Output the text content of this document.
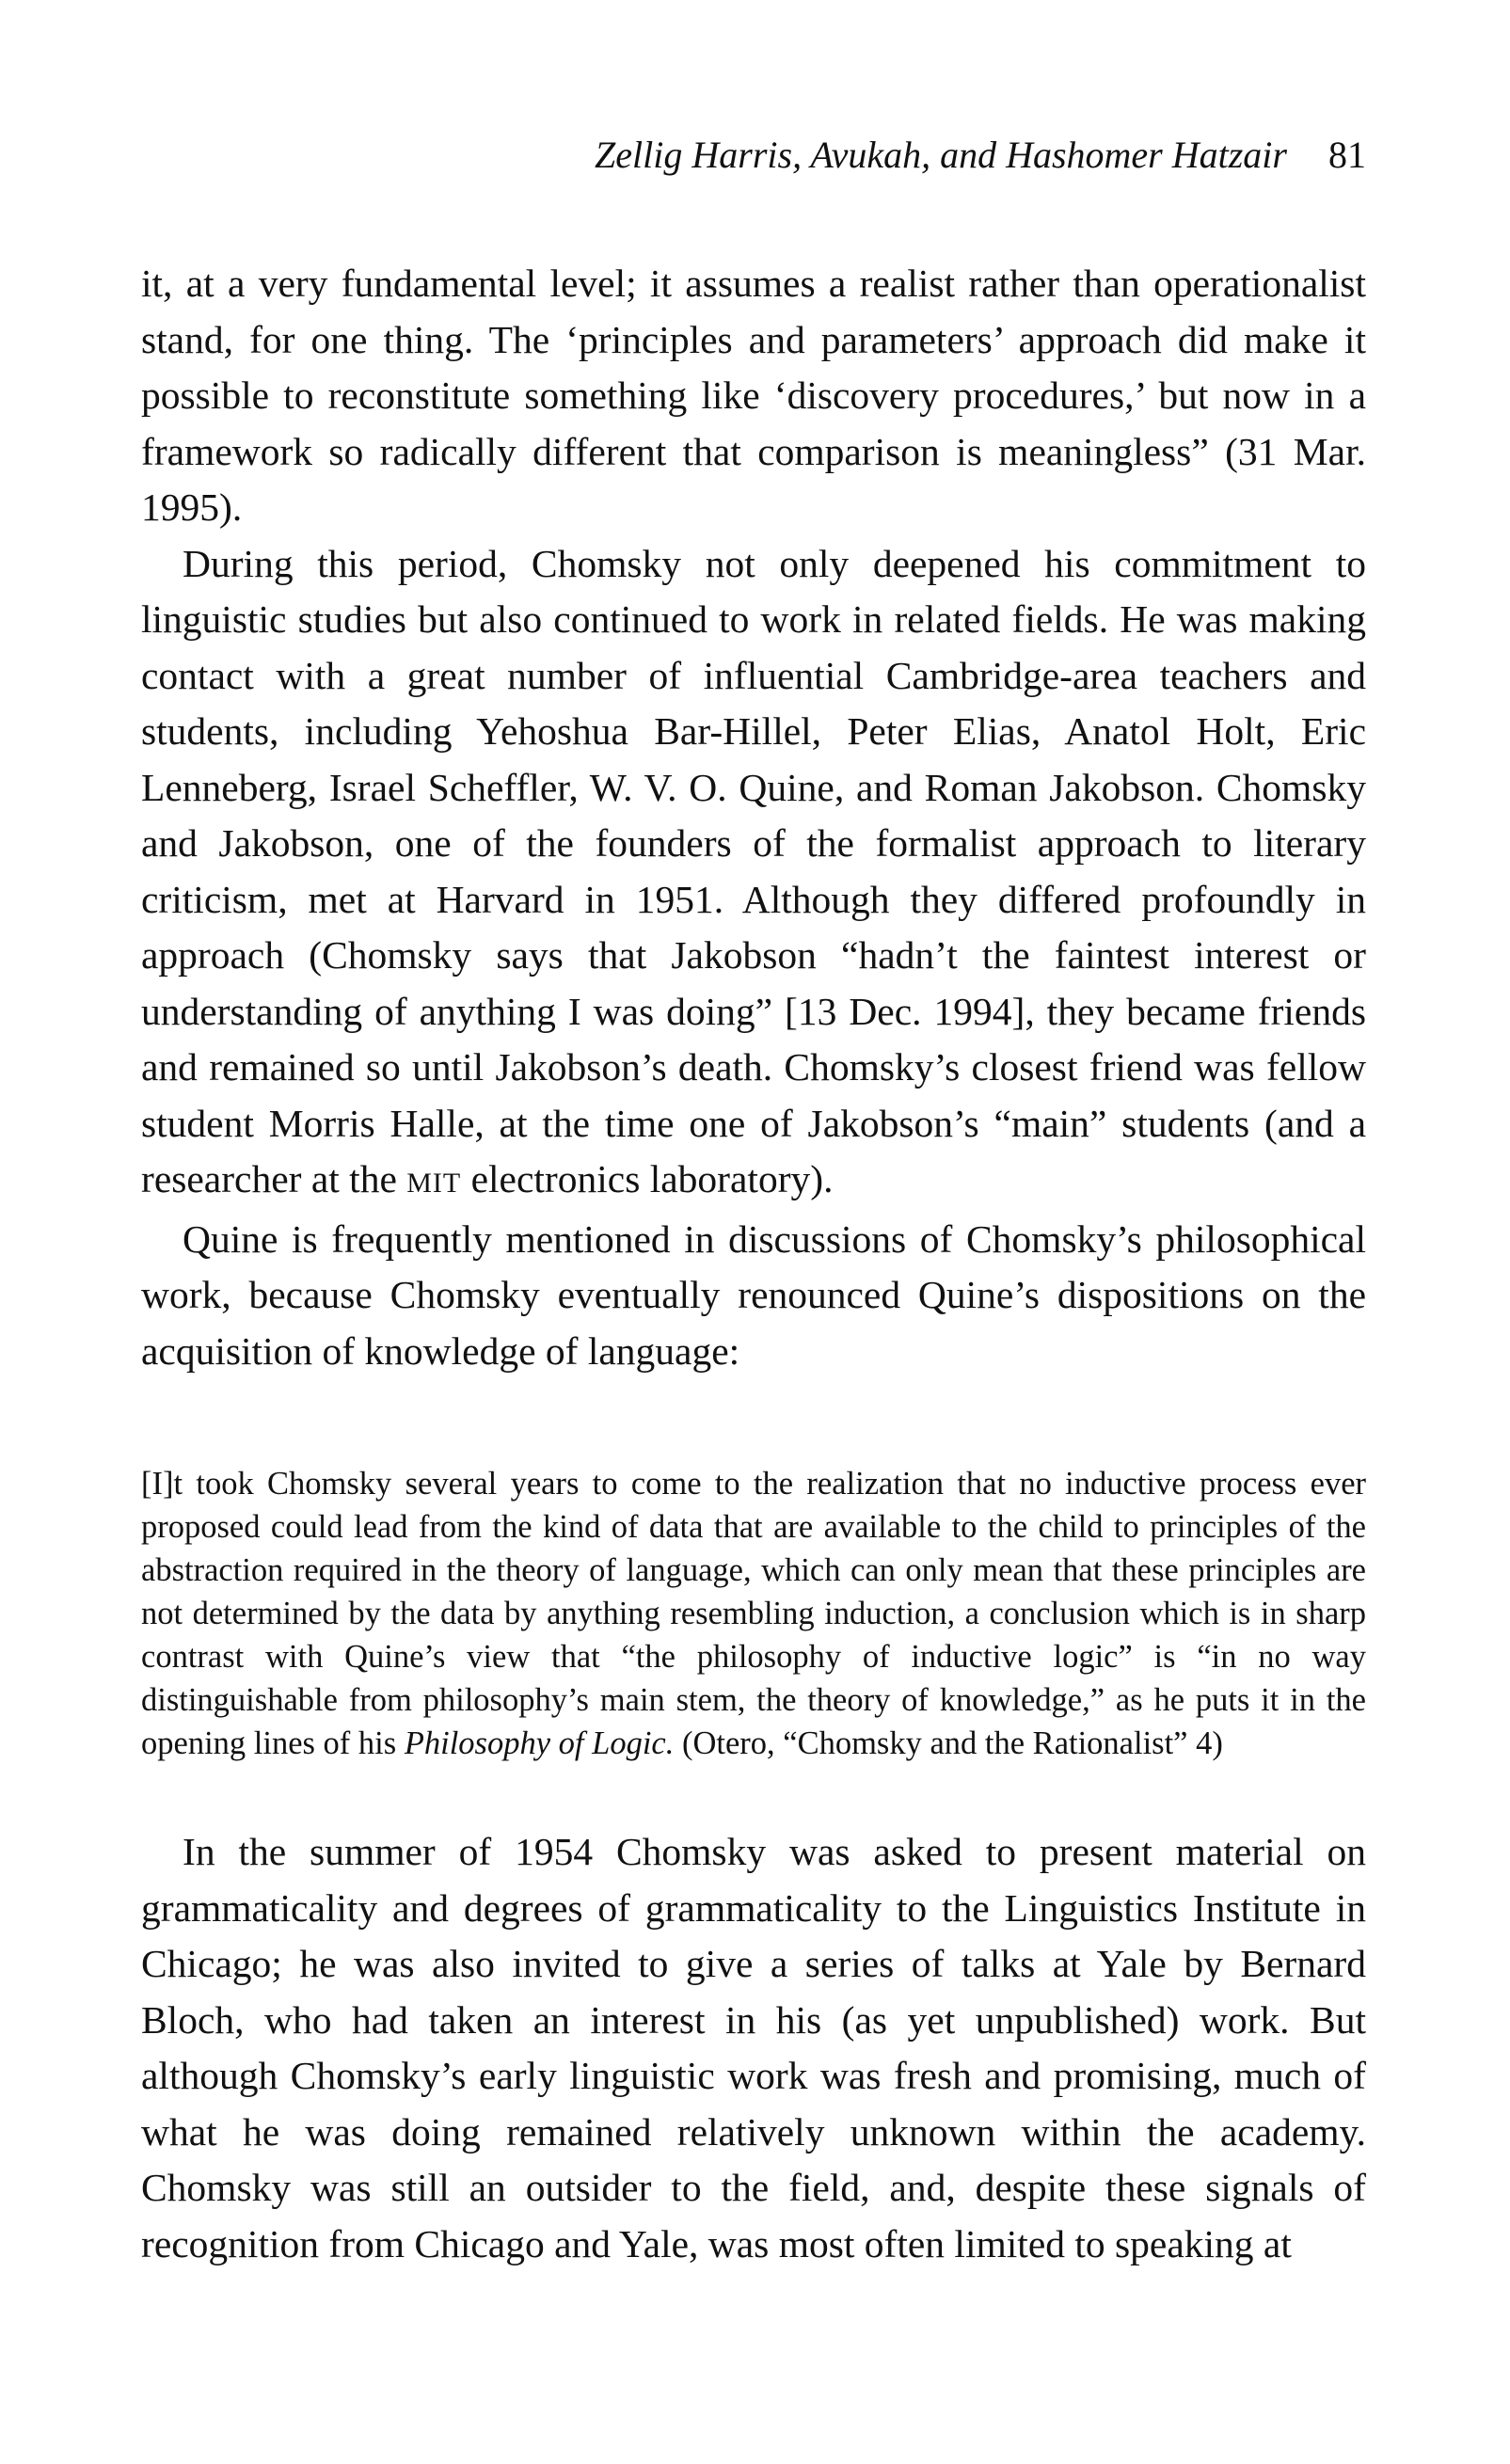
Zellig Harris, Avukah, and Hashomer Hatzair 81

it, at a very fundamental level; it assumes a realist rather than operationalist stand, for one thing. The ‘principles and parameters’ approach did make it possible to reconstitute something like ‘discovery procedures,’ but now in a framework so radically different that comparison is meaningless” (31 Mar. 1995).

During this period, Chomsky not only deepened his commitment to linguistic studies but also continued to work in related fields. He was making contact with a great number of influential Cambridge-area teachers and students, including Yehoshua Bar-Hillel, Peter Elias, Anatol Holt, Eric Lenneberg, Israel Scheffler, W. V. O. Quine, and Roman Jakobson. Chomsky and Jakobson, one of the founders of the formalist approach to literary criticism, met at Harvard in 1951. Although they differed profoundly in approach (Chomsky says that Jakobson “hadn’t the faintest interest or understanding of anything I was doing” [13 Dec. 1994], they became friends and remained so until Jakobson’s death. Chomsky’s closest friend was fellow student Morris Halle, at the time one of Jakobson’s “main” students (and a researcher at the MIT electronics laboratory).

Quine is frequently mentioned in discussions of Chomsky’s philosophical work, because Chomsky eventually renounced Quine’s dispositions on the acquisition of knowledge of language:

[I]t took Chomsky several years to come to the realization that no inductive process ever proposed could lead from the kind of data that are available to the child to principles of the abstraction required in the theory of language, which can only mean that these principles are not determined by the data by anything resembling induction, a conclusion which is in sharp contrast with Quine’s view that “the philosophy of inductive logic” is “in no way distinguishable from philosophy’s main stem, the theory of knowledge,” as he puts it in the opening lines of his Philosophy of Logic. (Otero, “Chomsky and the Rationalist” 4)

In the summer of 1954 Chomsky was asked to present material on grammaticality and degrees of grammaticality to the Linguistics Institute in Chicago; he was also invited to give a series of talks at Yale by Bernard Bloch, who had taken an interest in his (as yet unpublished) work. But although Chomsky’s early linguistic work was fresh and promising, much of what he was doing remained relatively unknown within the academy. Chomsky was still an outsider to the field, and, despite these signals of recognition from Chicago and Yale, was most often limited to speaking at
